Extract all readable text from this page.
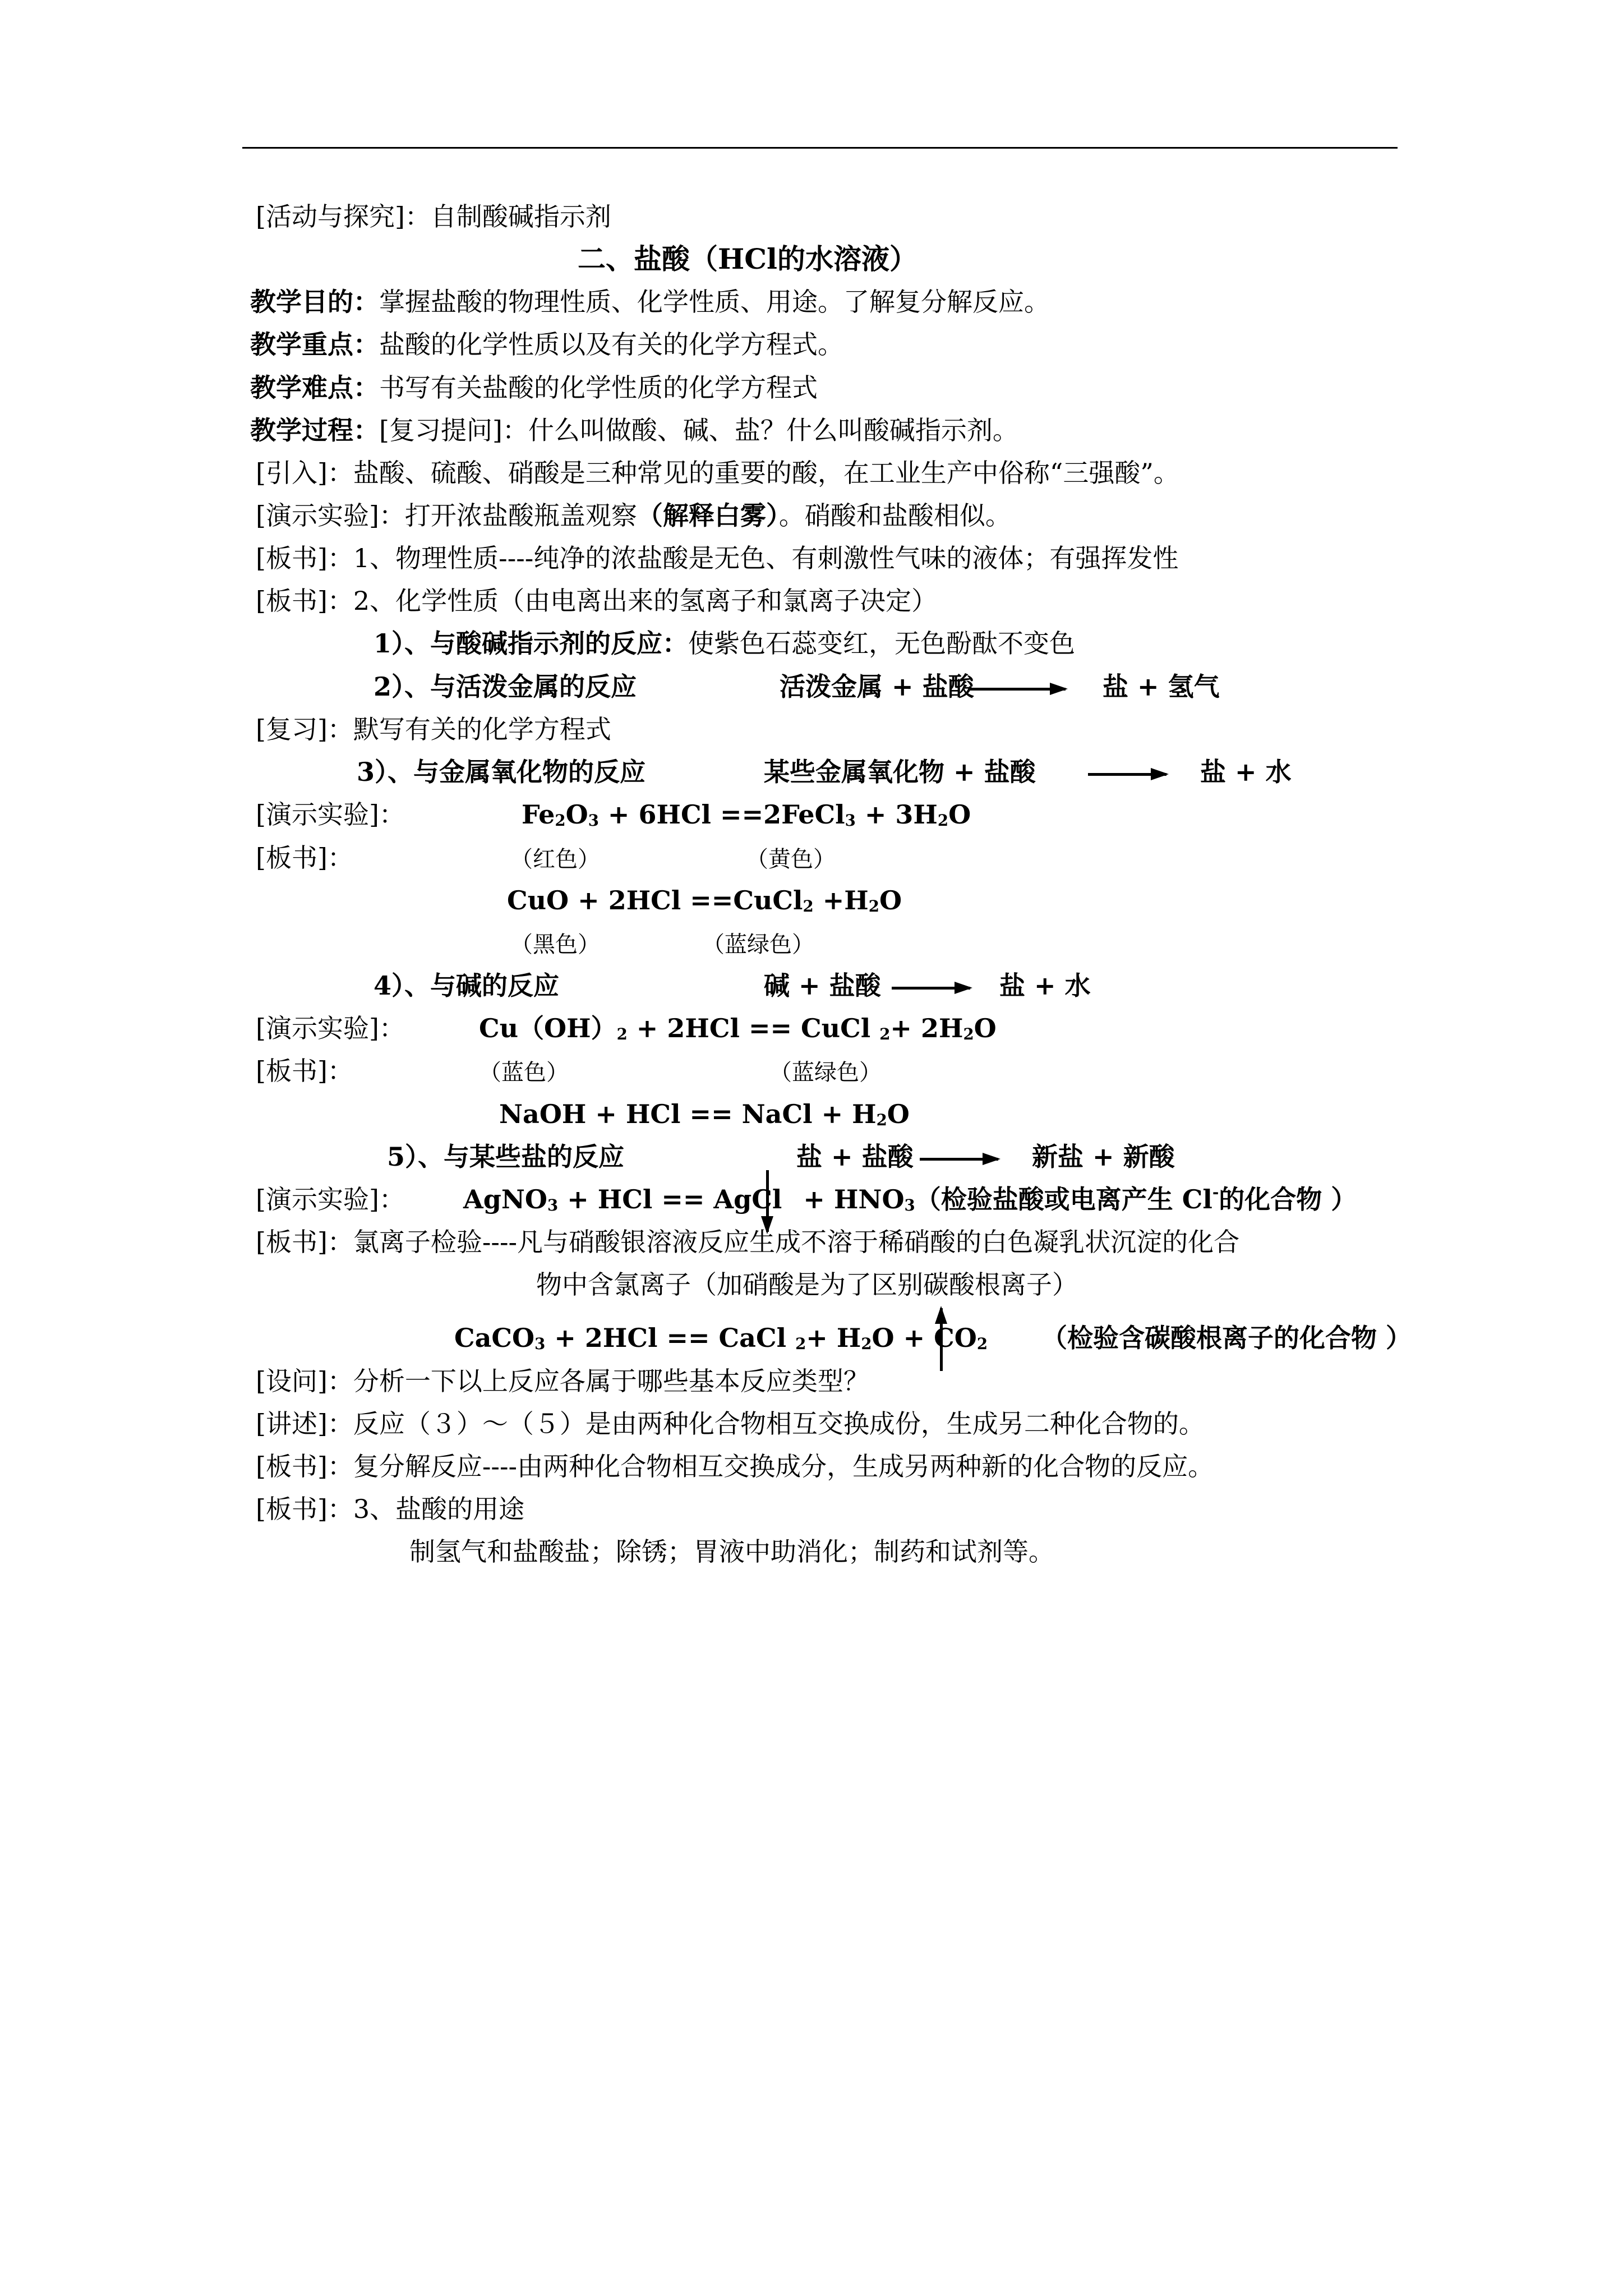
[活动与探究]：自制酸碱指示剂
二、盐酸（HCl的水溶液）
教学目的：掌握盐酸的物理性质、化学性质、用途。了解复分解反应。
教学重点：盐酸的化学性质以及有关的化学方程式。
教学难点：书写有关盐酸的化学性质的化学方程式
教学过程：[复习提问]：什么叫做酸、碱、盐？什么叫酸碱指示剂。
[引入]：盐酸、硫酸、硝酸是三种常见的重要的酸，在工业生产中俗称“三强酸”。
[演示实验]：打开浓盐酸瓶盖观察（解释白雾）。硝酸和盐酸相似。
[板书]：1、物理性质----纯净的浓盐酸是无色、有刺激性气味的液体；有强挥发性
[板书]：2、化学性质（由电离出来的氢离子和氯离子决定）
1）、与酸碱指示剂的反应：使紫色石蕊变红，无色酚酞不变色
2）、与活泼金属的反应	活泼金属 + 盐酸	盐 + 氢气
[复习]：默写有关的化学方程式
3）、与金属氧化物的反应	某些金属氧化物 + 盐酸	盐 + 水
[演示实验]：	$Fe_2O_3 + 6HCl$ ==2FeCl$_3$ + $3H_2O$
[板书]：	（红色）	（黄色）
CuO + 2HCl ==CuCl$_2$ $+H_2O$
（黑色）	（蓝绿色）
4）、与碱的反应	碱 + 盐酸	盐 + 水
[演示实验]：	$Cu(OH)_2 + 2HCl$ == CuCl $_2+ 2H_2O$
[板书]：	（蓝色）	（蓝绿色）
NaOH + HCl == NaCl + $H_2O$
5）、与某些盐的反应	盐 + 盐酸	新盐 + 新酸
[演示实验]： AgNO$_3$ + HCl == AgCl + $HNO_3$（检验盐酸或电离产生 Cl-的化合物 ）
[板书]：氯离子检验----凡与硝酸银溶液反应生成不溶于稀硝酸的白色凝乳状沉淀的化合
物中含氯离子（加硝酸是为了区别碳酸根离子）
CaCO$_3$ + 2HCl == CaCl $_2+ H_2O + CO_2$ （检验含碳酸根离子的化合物 ）
[设问]：分析一下以上反应各属于哪些基本反应类型？
[讲述]：反应（３）～（５）是由两种化合物相互交换成份，生成另二种化合物的。
[板书]：复分解反应----由两种化合物相互交换成分，生成另两种新的化合物的反应。
[板书]：3、盐酸的用途
制氢气和盐酸盐；除锈；胃液中助消化；制药和试剂等。
